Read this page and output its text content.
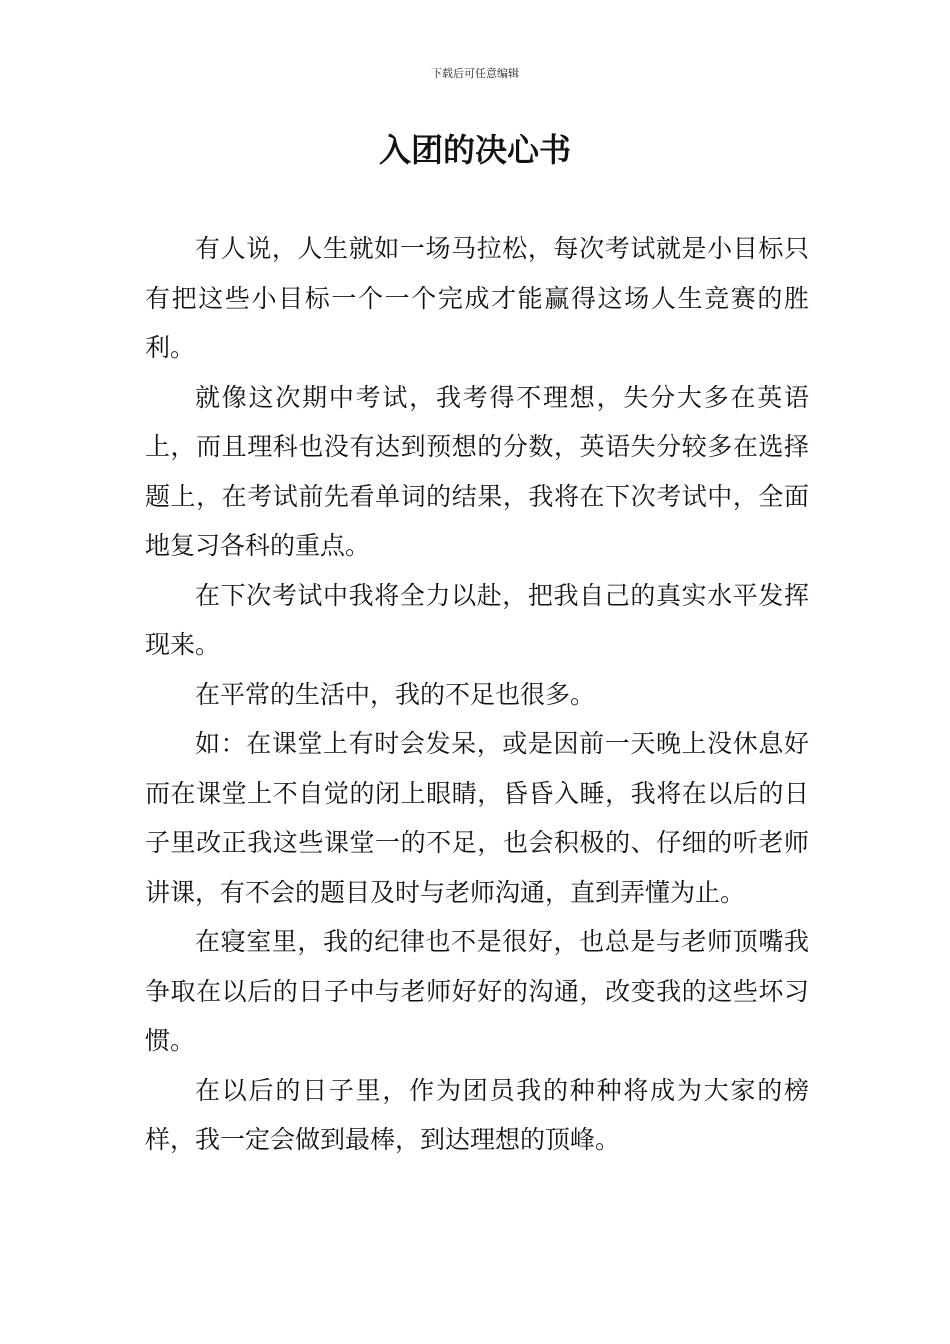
下载后可任意编辑
入团的决心书

有人说，人生就如一场马拉松，每次考试就是小目标只有把这些小目标一个一个完成才能赢得这场人生竞赛的胜利。

就像这次期中考试，我考得不理想，失分大多在英语上，而且理科也没有达到预想的分数，英语失分较多在选择题上，在考试前先看单词的结果，我将在下次考试中，全面地复习各科的重点。

在下次考试中我将全力以赴，把我自己的真实水平发挥现来。

在平常的生活中，我的不足也很多。

如：在课堂上有时会发呆，或是因前一天晚上没休息好而在课堂上不自觉的闭上眼睛，昏昏入睡，我将在以后的日子里改正我这些课堂一的不足，也会积极的、仔细的听老师讲课，有不会的题目及时与老师沟通，直到弄懂为止。

在寝室里，我的纪律也不是很好，也总是与老师顶嘴我争取在以后的日子中与老师好好的沟通，改变我的这些坏习惯。

在以后的日子里，作为团员我的种种将成为大家的榜样，我一定会做到最棒，到达理想的顶峰。
